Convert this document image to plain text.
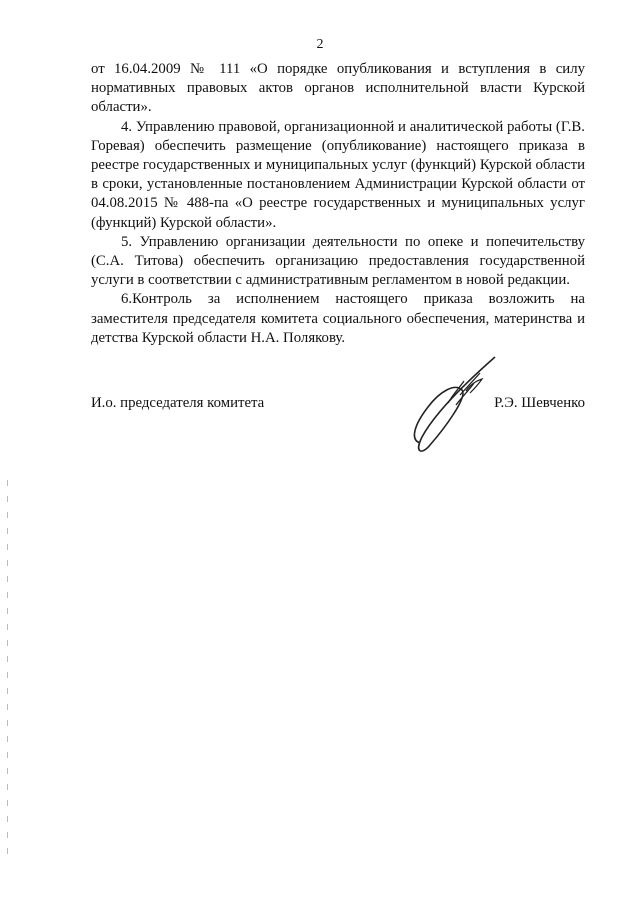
2

от 16.04.2009 № 111 «О порядке опубликования и вступления в силу нормативных правовых актов органов исполнительной власти Курской области».

4. Управлению правовой, организационной и аналитической работы (Г.В. Горевая) обеспечить размещение (опубликование) настоящего приказа в реестре государственных и муниципальных услуг (функций) Курской области в сроки, установленные постановлением Администрации Курской области от 04.08.2015 № 488-па «О реестре государственных и муниципальных услуг (функций) Курской области».

5. Управлению организации деятельности по опеке и попечительству (С.А. Титова) обеспечить организацию предоставления государственной услуги в соответствии с административным регламентом в новой редакции.

6.Контроль за исполнением настоящего приказа возложить на заместителя председателя комитета социального обеспечения, материнства и детства Курской области Н.А. Полякову.

И.о. председателя комитета	Р.Э. Шевченко
